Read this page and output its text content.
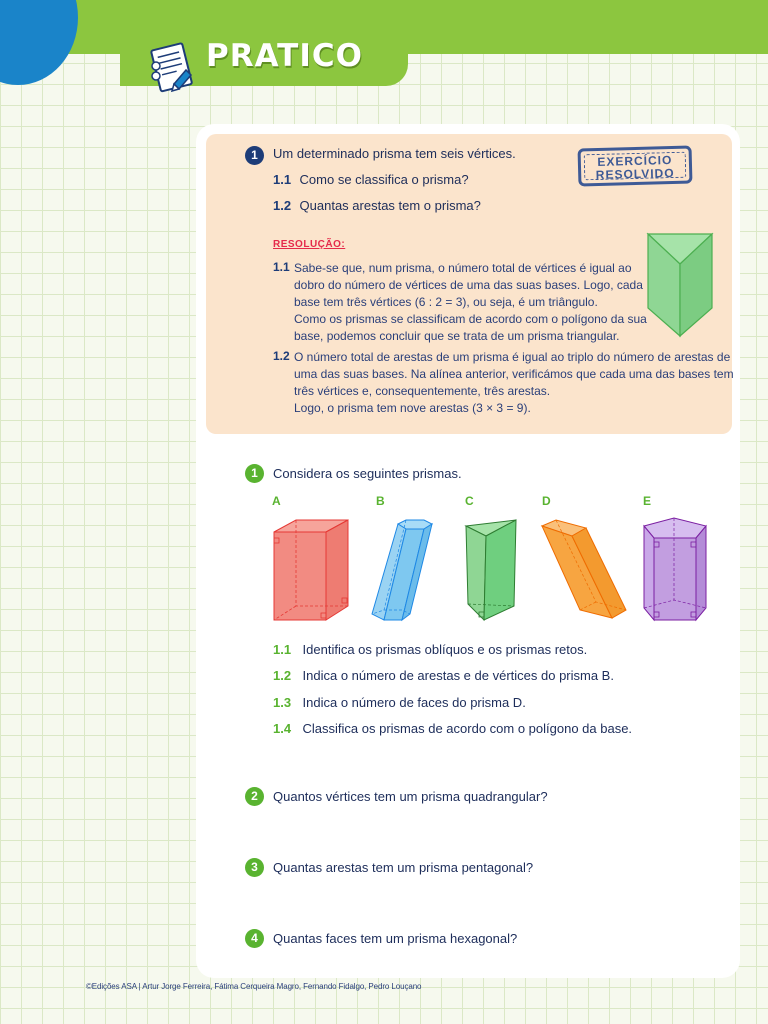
PRATICO
1	Um determinado prisma tem seis vértices.

1.1 Como se classifica o prisma?

1.2 Quantas arestas tem o prisma?

EXERCÍCIO
RESOLVIDO

RESOLUÇÃO:

1.1 Sabe-se que, num prisma, o número total de vértices é igual ao
dobro do número de vértices de uma das suas bases. Logo, cada
base tem três vértices (6 : 2 = 3), ou seja, é um triângulo.
Como os prismas se classificam de acordo com o polígono da sua
base, podemos concluir que se trata de um prisma triangular.
1.2 O número total de arestas de um prisma é igual ao triplo do número de arestas de
uma das suas bases. Na alínea anterior, verificámos que cada uma das bases tem
três vértices e, consequentemente, três arestas.
Logo, o prisma tem nove arestas (3 × 3 = 9).
1	Considera os seguintes prismas.

A	B	C	D	E

1.1 Identifica os prismas oblíquos e os prismas retos.

1.2 Indica o número de arestas e de vértices do prisma B.

1.3 Indica o número de faces do prisma D.

1.4 Classifica os prismas de acordo com o polígono da base.

2	Quantos vértices tem um prisma quadrangular?

3	Quantas arestas tem um prisma pentagonal?

4	Quantas faces tem um prisma hexagonal?

©Edições ASA | Artur Jorge Ferreira, Fátima Cerqueira Magro, Fernando Fidalgo, Pedro Louçano
